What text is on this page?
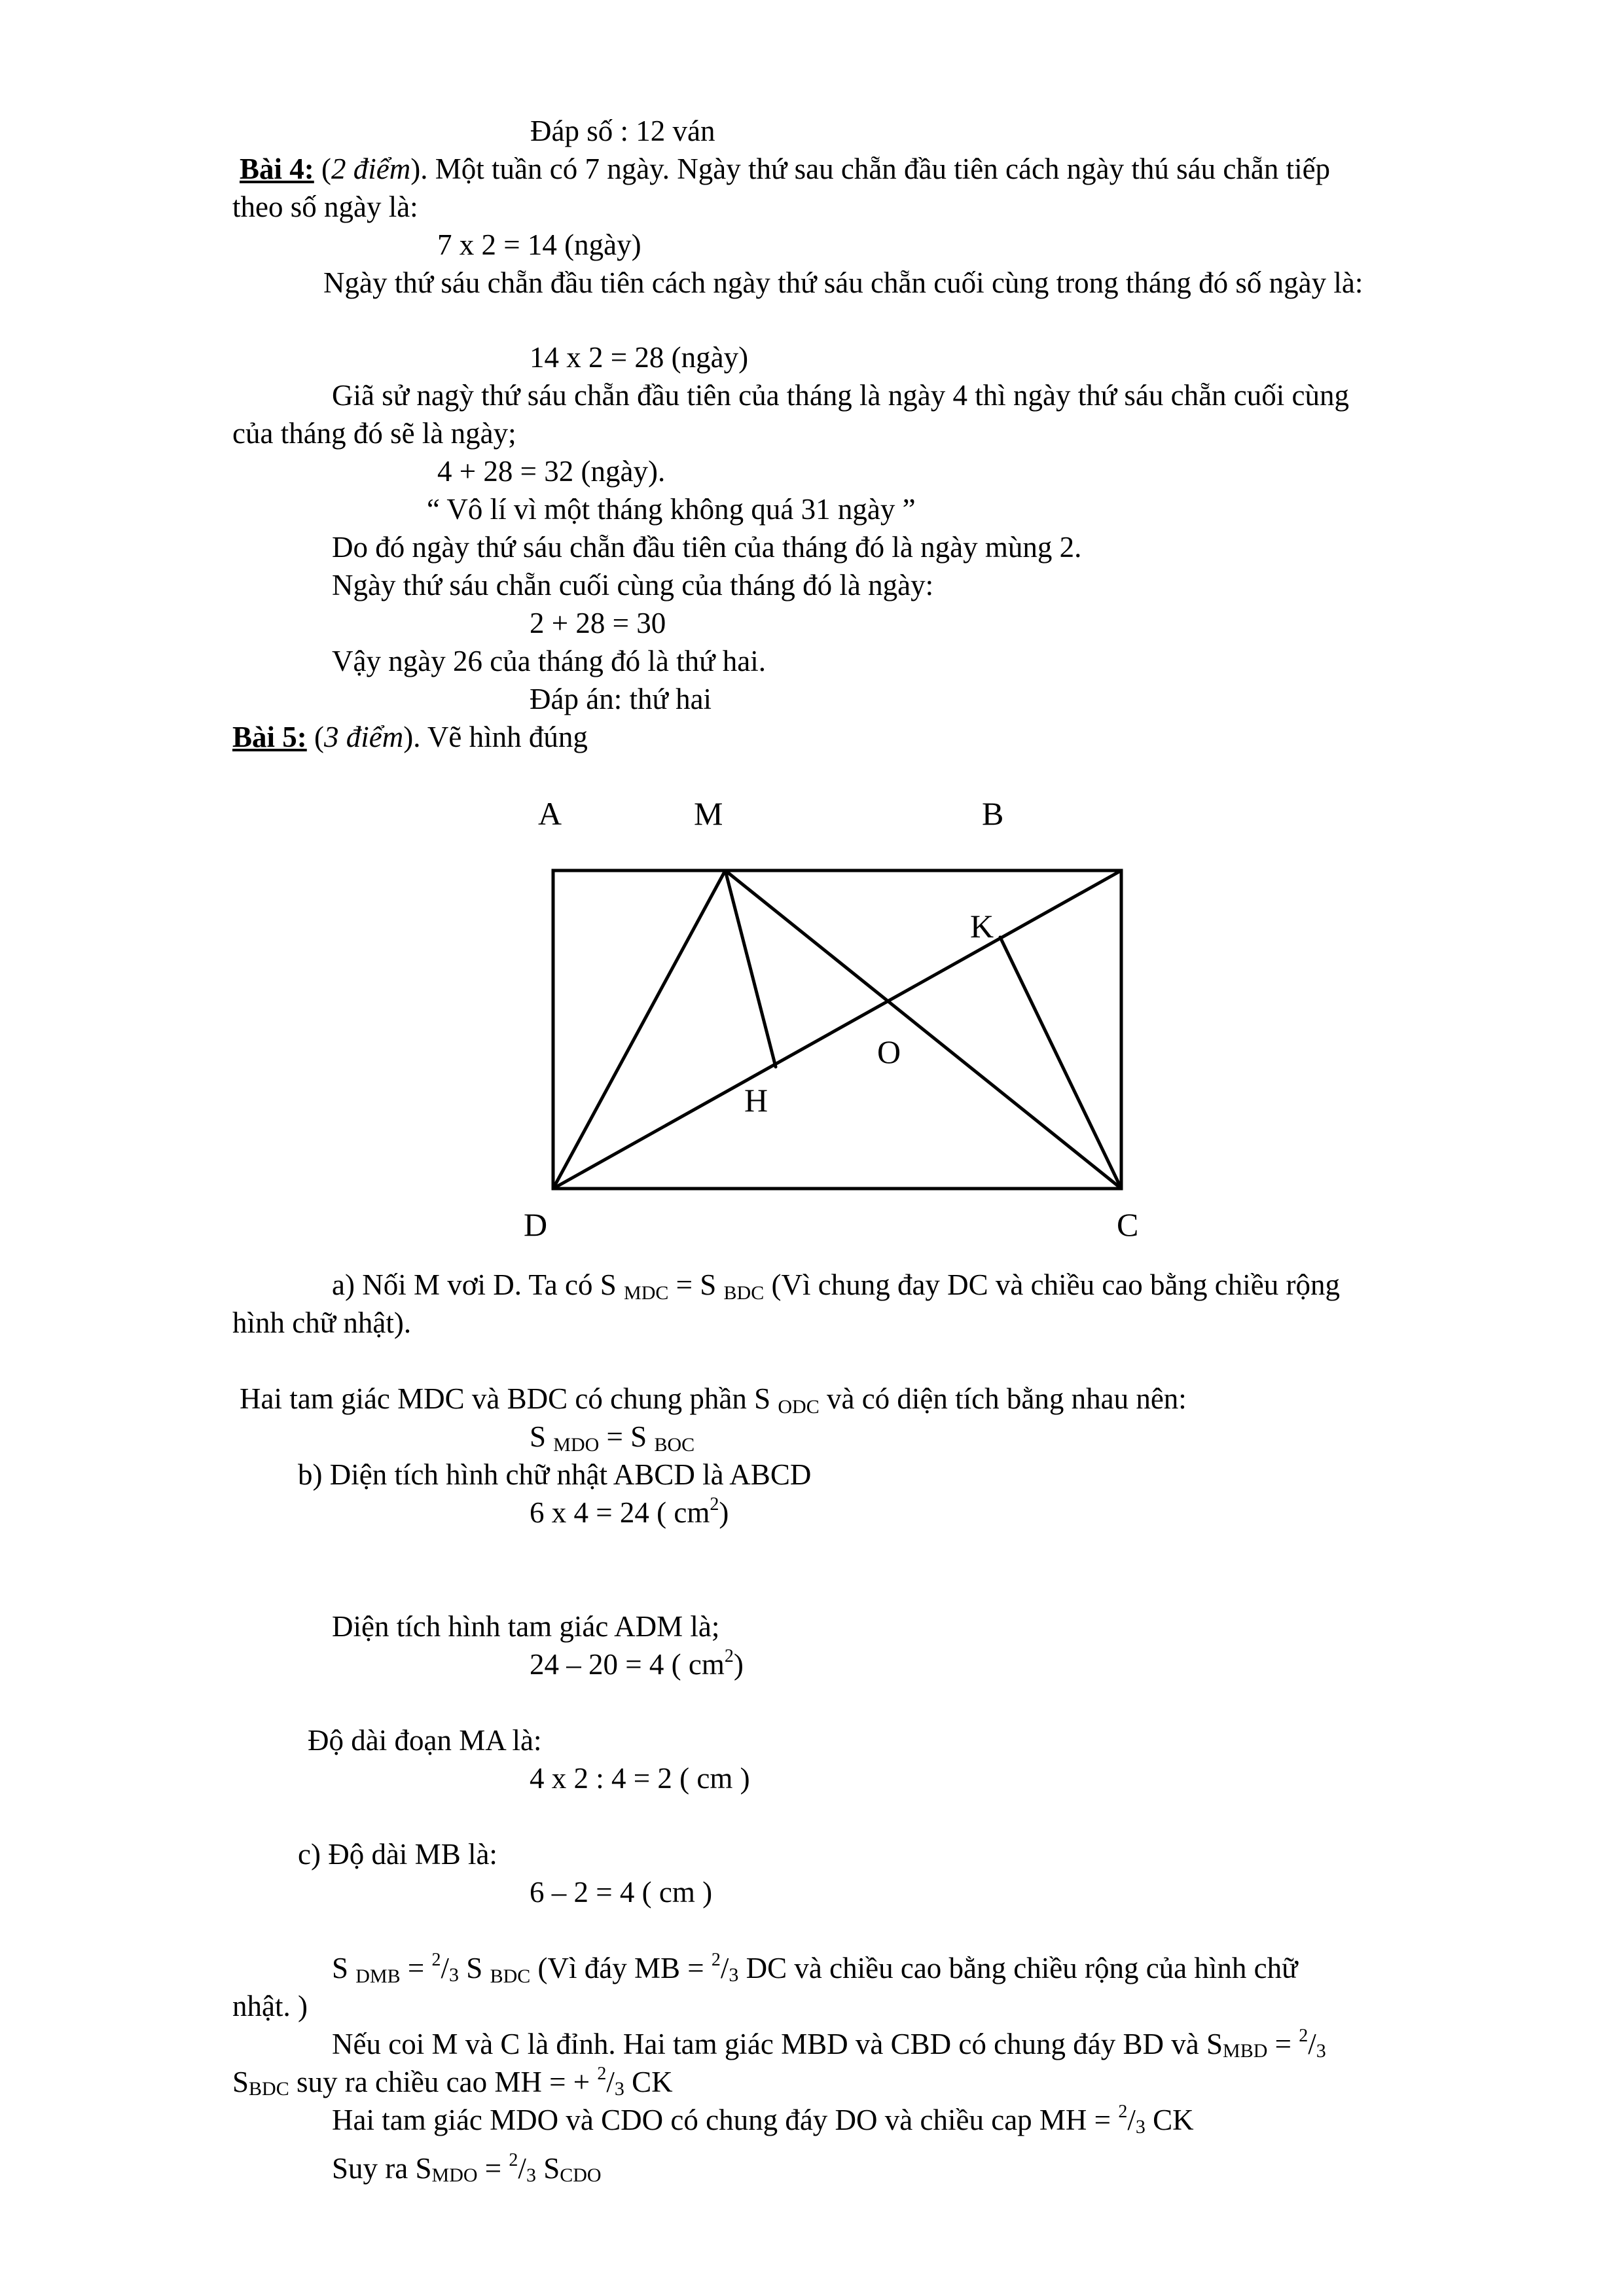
Đáp số : 12 ván
Bài 4: (2 điểm). Một tuần có 7 ngày. Ngày thứ sau chẵn đầu tiên cách ngày thú sáu chẵn tiếp
theo số ngày là:
7 x 2 = 14 (ngày)
Ngày thứ sáu chẵn đầu tiên cách ngày thứ sáu chẵn cuối cùng trong tháng đó số ngày là:
14 x 2 = 28 (ngày)
Giã sử nagỳ thứ sáu chẵn đầu tiên của tháng là ngày 4 thì ngày thứ sáu chẵn cuối cùng
của tháng đó sẽ là ngày;
4 + 28 = 32 (ngày).
“ Vô lí vì một tháng không quá 31 ngày ”
Do đó ngày thứ sáu chẵn đầu tiên của tháng đó là ngày mùng 2.
Ngày thứ sáu chẵn cuối cùng của tháng đó là ngày:
2 + 28 = 30
Vậy ngày 26 của tháng đó là thứ hai.
Đáp án: thứ hai
Bài 5: (3 điểm). Vẽ hình đúng
A	M	B
K
O
H
D	C
a) Nối M vơi D. Ta có S MDC = S BDC (Vì chung đay DC và chiều cao bằng chiều rộng
hình chữ nhật).
Hai tam giác MDC và BDC có chung phần S ODC và có diện tích bằng nhau nên:
S MDO = S BOC
b) Diện tích hình chữ nhật ABCD là ABCD
6 x 4 = 24 ( $cm^2$)
Diện tích hình tam giác ADM là;
24 – 20 = 4 ( $cm^2$)
Độ dài đoạn MA là:
4 x 2 : 4 = 2 ( cm )
c) Độ dài MB là:
6 – 2 = 4 ( cm )
S DMB = $^2$/3 S BDC (Vì đáy MB = $^2$/3 DC và chiều cao bằng chiều rộng của hình chữ
nhật. )
Nếu coi M và C là đỉnh. Hai tam giác MBD và CBD có chung đáy BD và SMBD = $^2$/3
SBDC suy ra chiều cao MH = + $^2$/3 CK
Hai tam giác MDO và CDO có chung đáy DO và chiều cap MH = $^2$/3 CK
Suy ra SMDO = $^2$/3 SCDO
